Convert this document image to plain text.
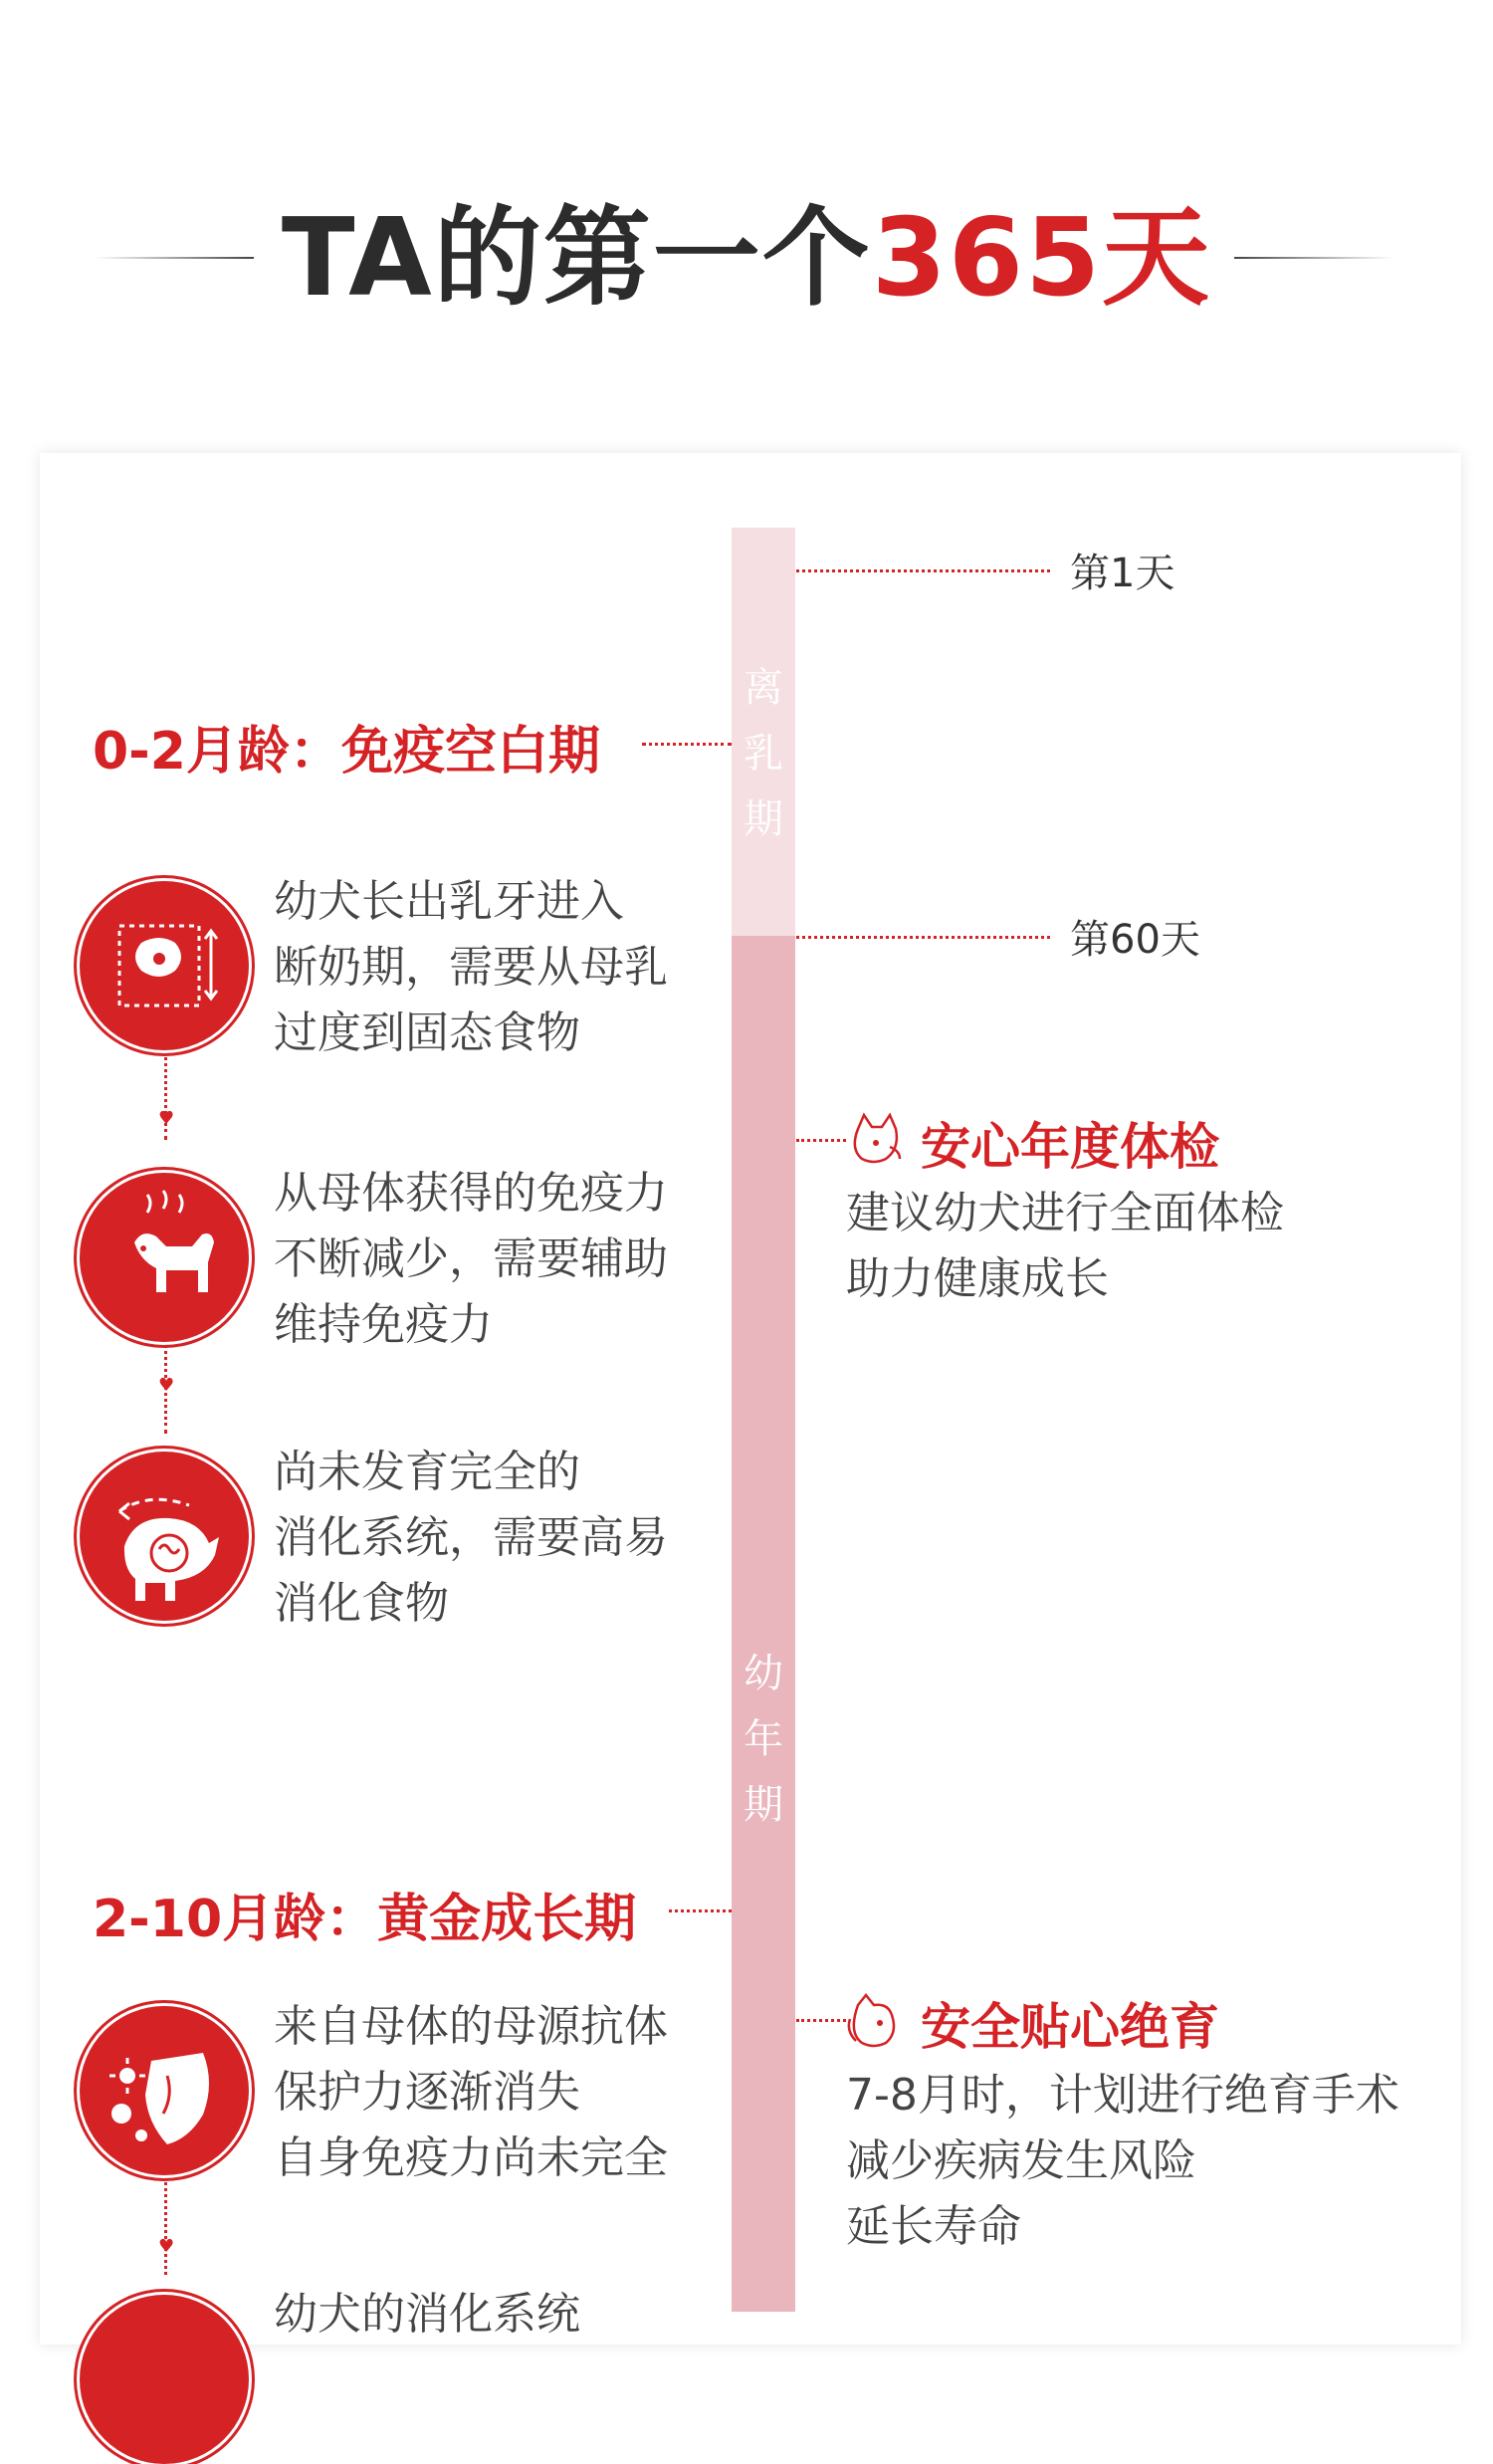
TA的第一个365天
离乳期
幼年期
第1天
第60天
0-2月龄：免疫空白期
2-10月龄：黄金成长期
♥
♥
♥
幼犬长出乳牙进入
断奶期，需要从母乳
过度到固态食物
从母体获得的免疫力
不断减少，需要辅助
维持免疫力
尚未发育完全的
消化系统，需要高易
消化食物
来自母体的母源抗体
保护力逐渐消失
自身免疫力尚未完全
幼犬的消化系统
安心年度体检
建议幼犬进行全面体检
助力健康成长
安全贴心绝育
7-8月时，计划进行绝育手术
减少疾病发生风险
延长寿命
